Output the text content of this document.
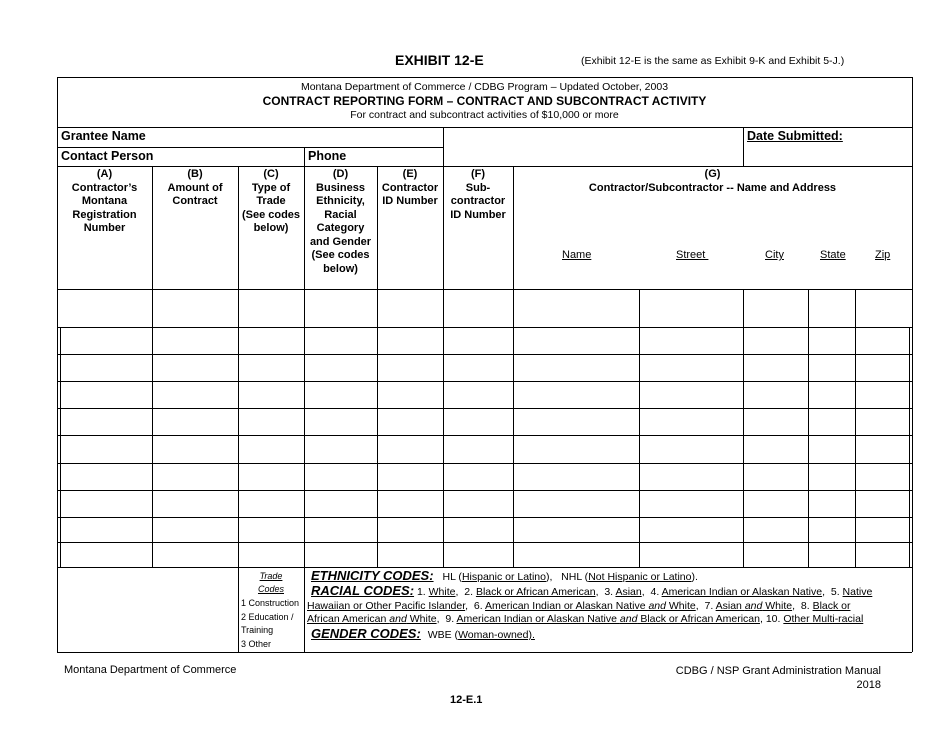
EXHIBIT 12-E	(Exhibit 12-E is the same as Exhibit 9-K and Exhibit 5-J.)
Montana Department of Commerce / CDBG Program – Updated October, 2003
CONTRACT REPORTING FORM – CONTRACT AND SUBCONTRACT ACTIVITY
For contract and subcontract activities of $10,000 or more
Grantee Name	Date Submitted:
Contact Person	Phone
(A)
Contractor’s
Montana
Registration
Number
(B)
Amount of
Contract
(C)
Type of
Trade
(See codes
below)
(D)
Business
Ethnicity,
Racial
Category
and Gender
(See codes
below)
(E)
Contractor
ID Number
(F)
Sub-
contractor
ID Number
(G)
Contractor/Subcontractor -- Name and Address
Name	Street	City	State	Zip
Trade
Codes
1 Construction
2 Education /
Training
3 Other
ETHNICITY CODES: HL (Hispanic or Latino),   NHL (Not Hispanic or Latino).
RACIAL CODES: 1. White,  2. Black or African American,  3. Asian,  4. American Indian or Alaskan Native,  5. Native
Hawaiian or Other Pacific Islander,  6. American Indian or Alaskan Native and White,  7. Asian and White,  8. Black or
African American and White,  9. American Indian or Alaskan Native and Black or African American, 10. Other Multi-racial
GENDER CODES: WBE (Woman-owned).
Montana Department of Commerce	CDBG / NSP Grant Administration Manual
2018
12-E.1
